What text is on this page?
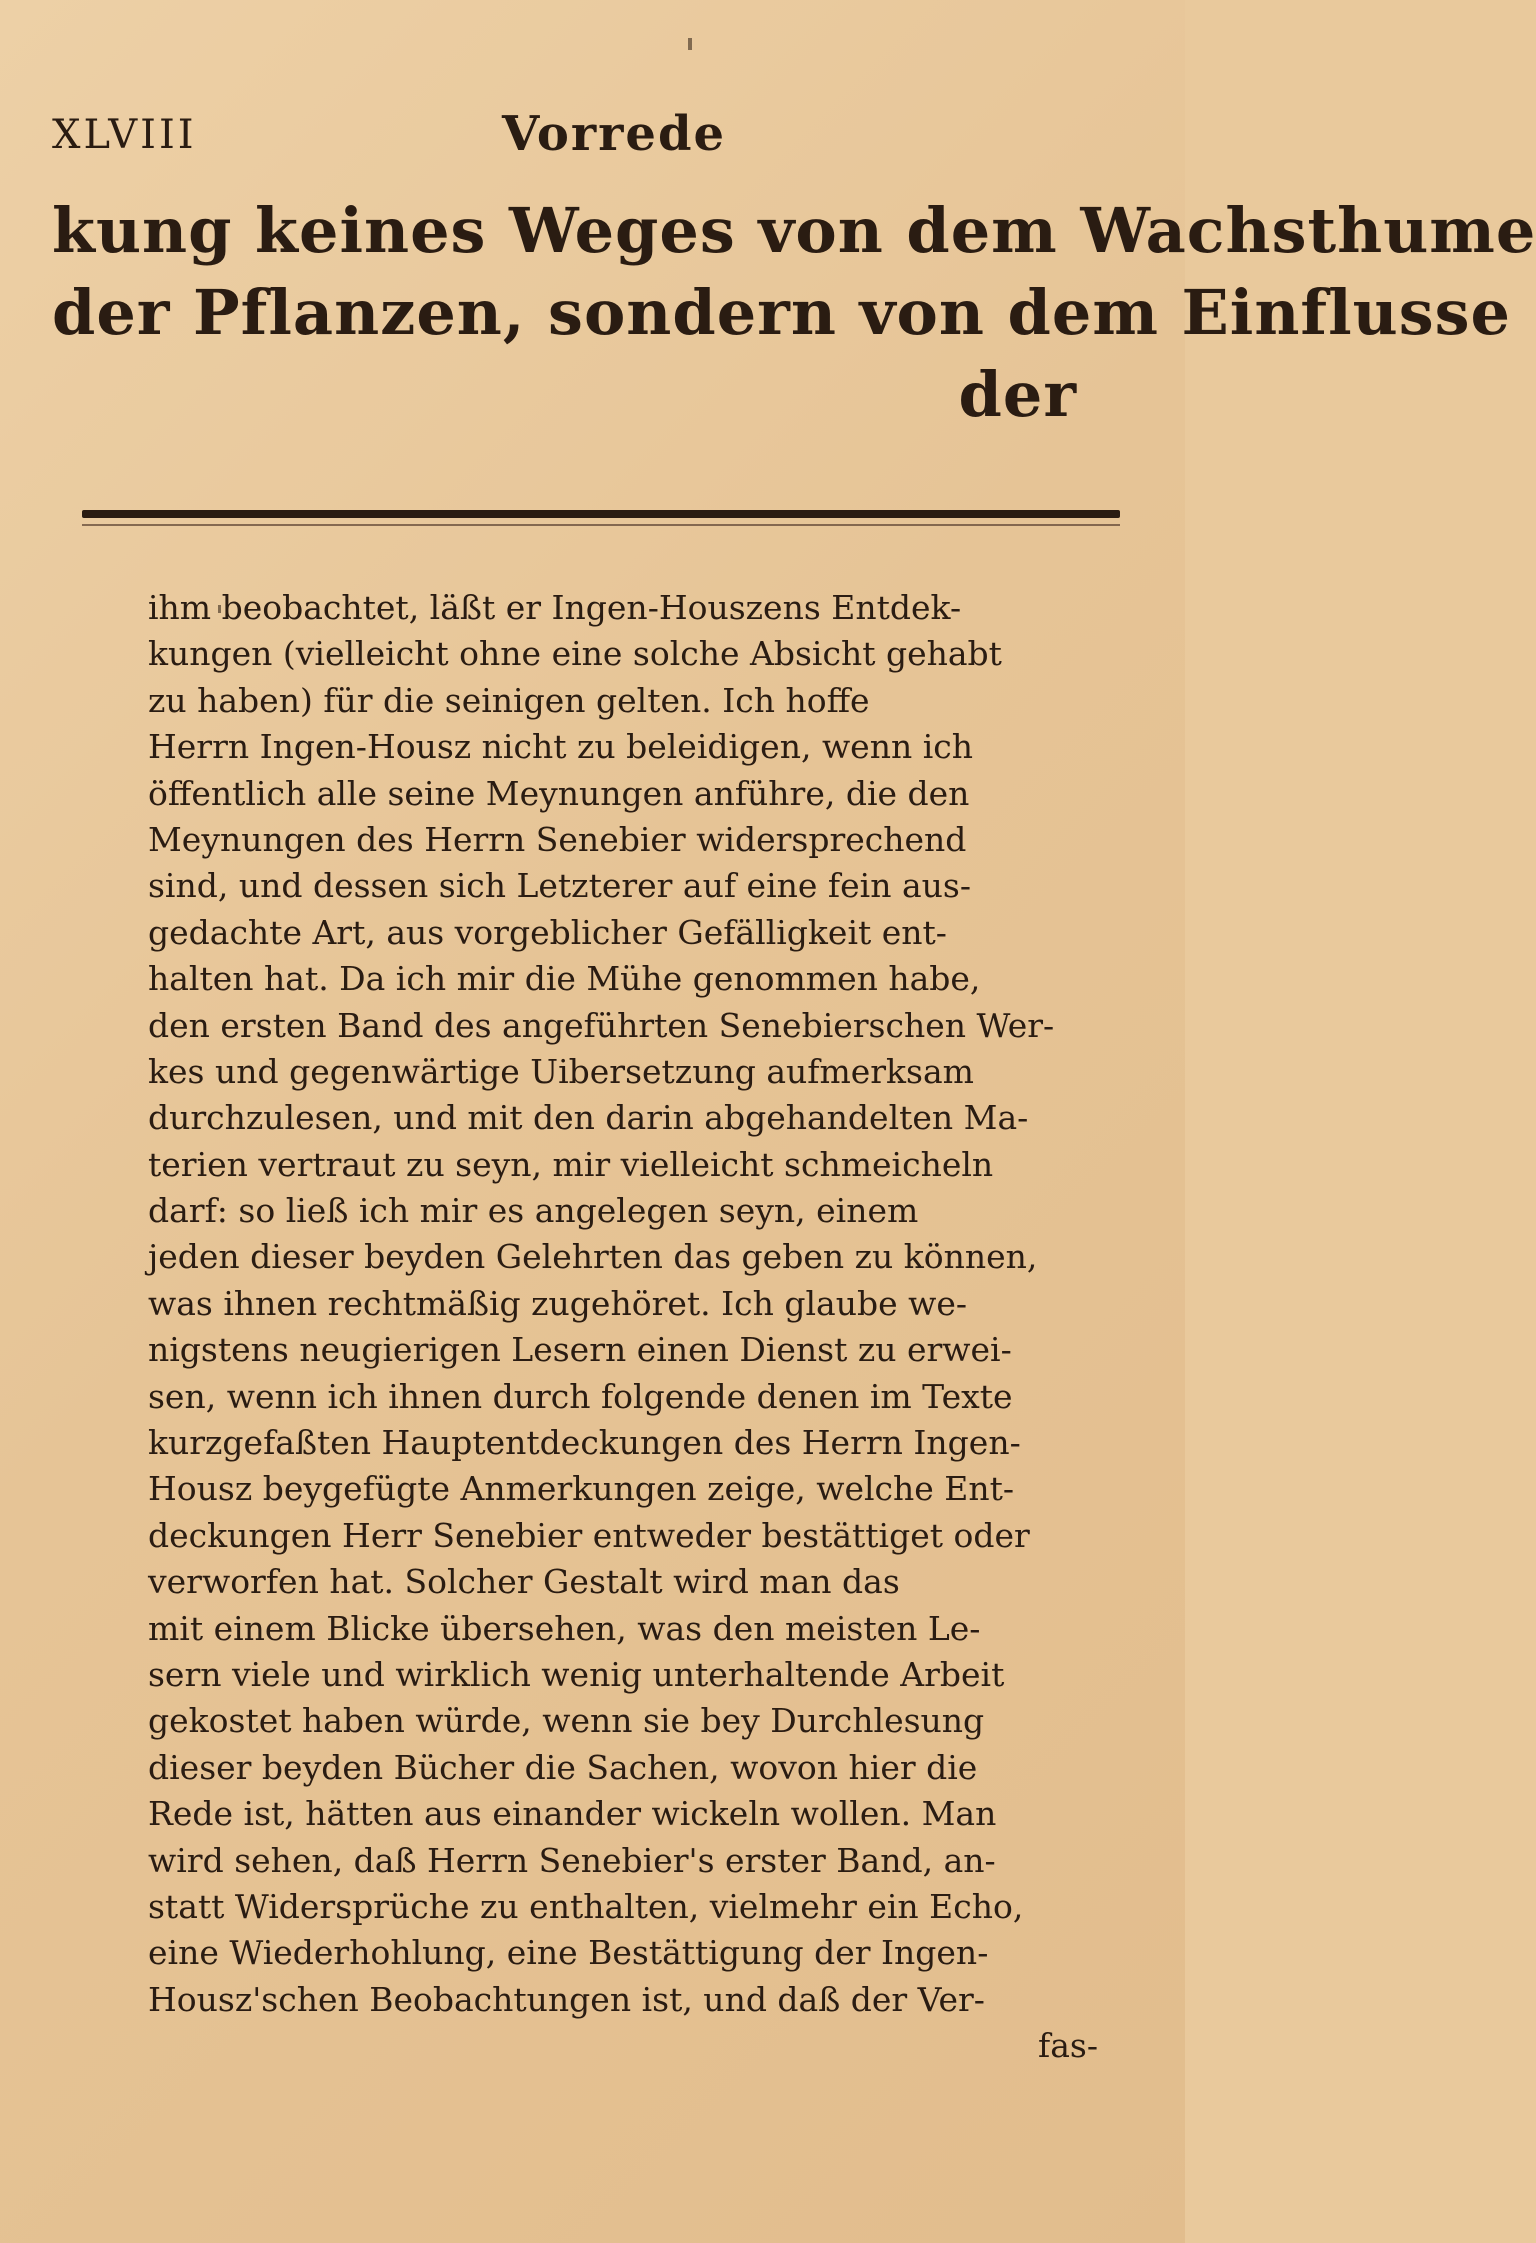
XLVIII	Vorrede
kung keines Weges von dem Wachsthume
der Pflanzen, sondern von dem Einflusse
der
ihm beobachtet, läßt er Ingen-Houszens Entdek-
kungen (vielleicht ohne eine solche Absicht gehabt
zu haben) für die seinigen gelten. Ich hoffe
Herrn Ingen-Housz nicht zu beleidigen, wenn ich
öffentlich alle seine Meynungen anführe, die den
Meynungen des Herrn Senebier widersprechend
sind, und dessen sich Letzterer auf eine fein aus-
gedachte Art, aus vorgeblicher Gefälligkeit ent-
halten hat. Da ich mir die Mühe genommen habe,
den ersten Band des angeführten Senebierschen Wer-
kes und gegenwärtige Uibersetzung aufmerksam
durchzulesen, und mit den darin abgehandelten Ma-
terien vertraut zu seyn, mir vielleicht schmeicheln
darf: so ließ ich mir es angelegen seyn, einem
jeden dieser beyden Gelehrten das geben zu können,
was ihnen rechtmäßig zugehöret. Ich glaube we-
nigstens neugierigen Lesern einen Dienst zu erwei-
sen, wenn ich ihnen durch folgende denen im Texte
kurzgefaßten Hauptentdeckungen des Herrn Ingen-
Housz beygefügte Anmerkungen zeige, welche Ent-
deckungen Herr Senebier entweder bestättiget oder
verworfen hat. Solcher Gestalt wird man das
mit einem Blicke übersehen, was den meisten Le-
sern viele und wirklich wenig unterhaltende Arbeit
gekostet haben würde, wenn sie bey Durchlesung
dieser beyden Bücher die Sachen, wovon hier die
Rede ist, hätten aus einander wickeln wollen. Man
wird sehen, daß Herrn Senebier's erster Band, an-
statt Widersprüche zu enthalten, vielmehr ein Echo,
eine Wiederhohlung, eine Bestättigung der Ingen-
Housz'schen Beobachtungen ist, und daß der Ver-
fas-
